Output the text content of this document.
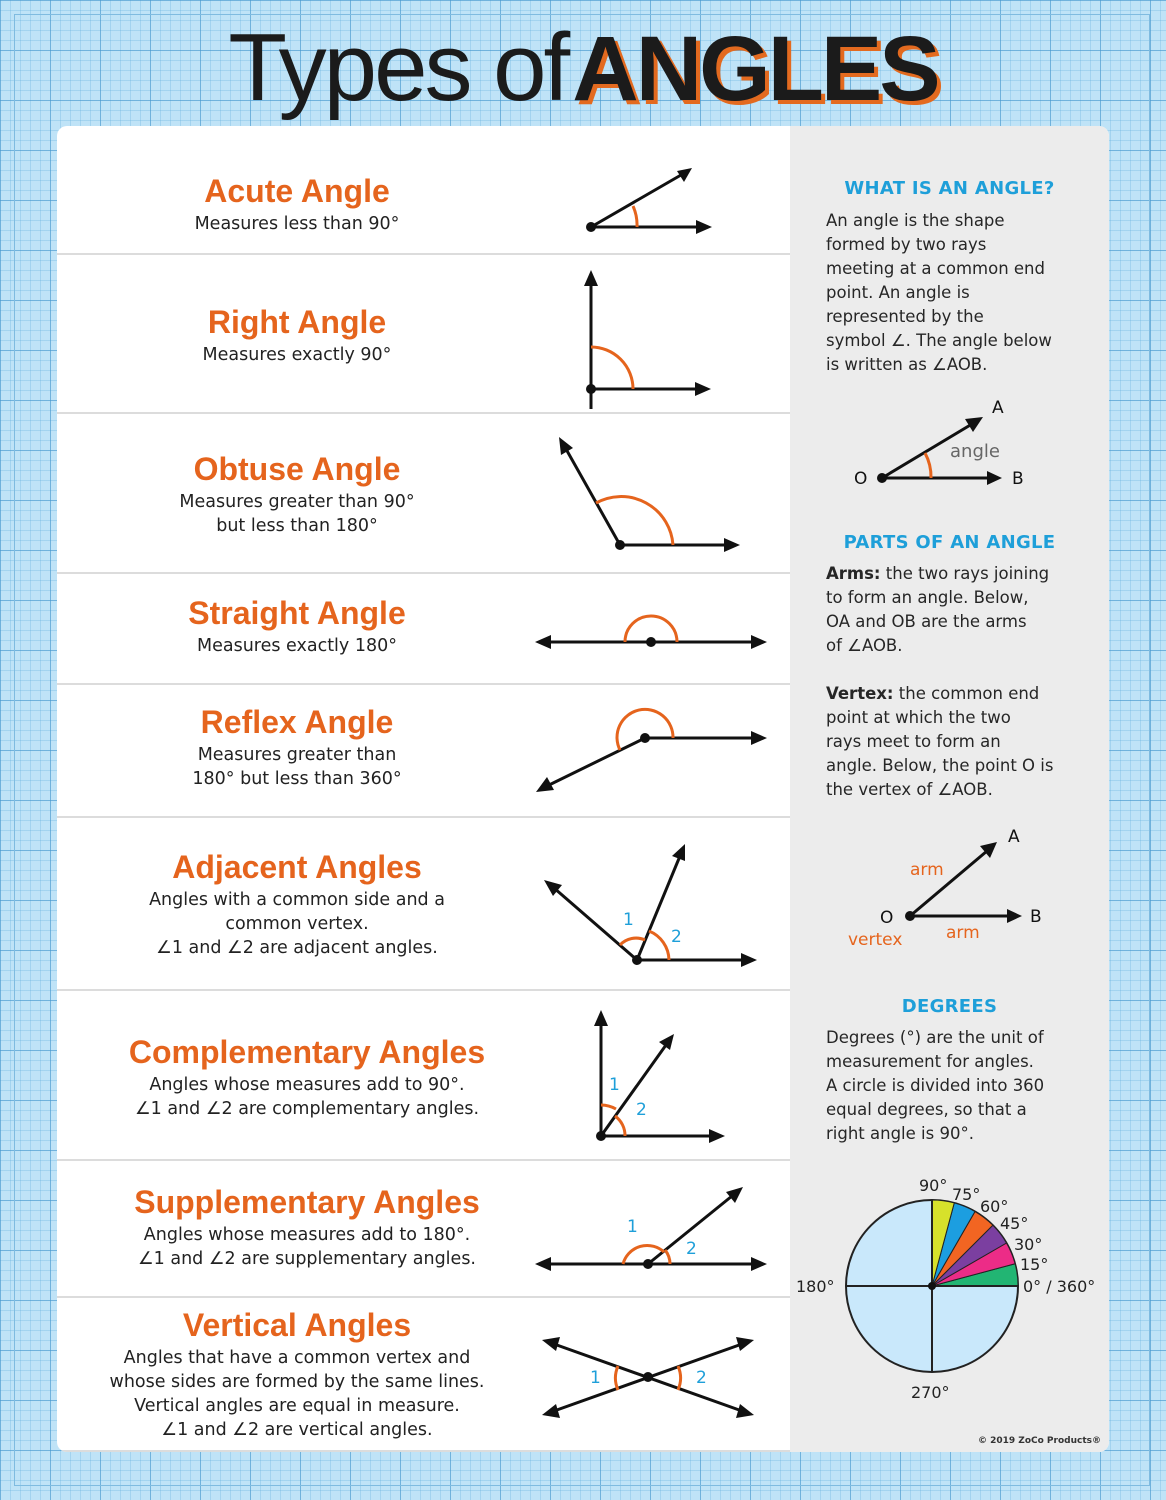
Types of ANGLES
Acute Angle

Measures less than 90°

Right Angle

Measures exactly 90°

Obtuse Angle

Measures greater than 90°
but less than 180°

Straight Angle

Measures exactly 180°

Reflex Angle

Measures greater than
180° but less than 360°

Adjacent Angles

Angles with a common side and a
common vertex.
∠1 and ∠2 are adjacent angles.

1
2
Complementary Angles

Angles whose measures add to 90°.
∠1 and ∠2 are complementary angles.

1
2
Supplementary Angles

Angles whose measures add to 180°.
∠1 and ∠2 are supplementary angles.

1
2
Vertical Angles

Angles that have a common vertex and
whose sides are formed by the same lines.
Vertical angles are equal in measure.
∠1 and ∠2 are vertical angles.

1	2
WHAT IS AN ANGLE?

An angle is the shape
formed by two rays
meeting at a common end
point. An angle is
represented by the
symbol ∠. The angle below
is written as ∠AOB.

A
O	B
angle
PARTS OF AN ANGLE

Arms: the two rays joining
to form an angle. Below,
OA and OB are the arms
of ∠AOB.

Vertex: the common end
point at which the two
rays meet to form an
angle. Below, the point O is
the vertex of ∠AOB.

A
O	B
arm
arm
vertex
DEGREES

Degrees (°) are the unit of
measurement for angles.
A circle is divided into 360
equal degrees, so that a
right angle is 90°.

90° 75°
60°
45°
30°
15°
0° / 360°
180°
270°
© 2019 ZoCo Products®
